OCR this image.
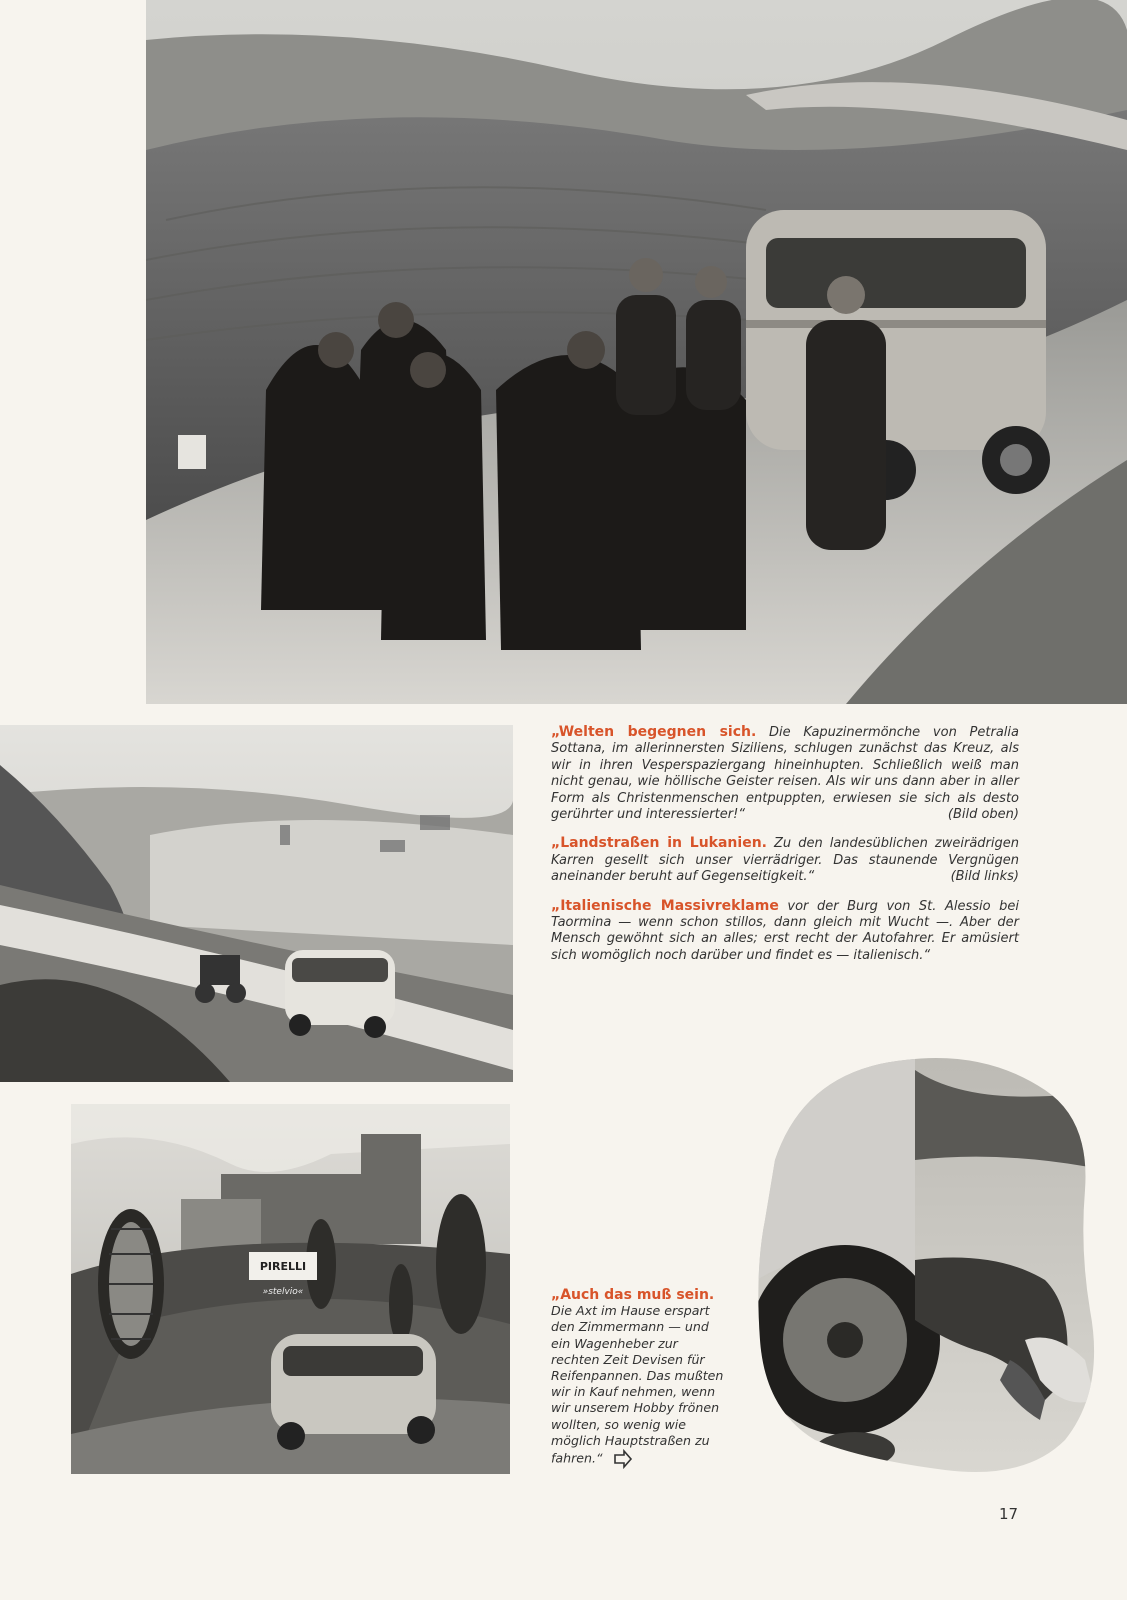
„Welten begegnen sich. Die Kapuzinermönche von Petralia Sottana, im allerinnersten Siziliens, schlugen zunächst das Kreuz, als wir in ihren Vesperspaziergang hineinhupten. Schließlich weiß man nicht genau, wie höllische Geister reisen. Als wir uns dann aber in aller Form als Christenmenschen entpuppten, erwiesen sie sich als desto gerührter und interessierter!“	(Bild oben)

„Landstraßen in Lukanien. Zu den landesüblichen zweirädrigen Karren gesellt sich unser vierrädriger. Das staunende Vergnügen aneinander beruht auf Gegenseitigkeit.“	(Bild links)

„Italienische Massivreklame vor der Burg von St. Alessio bei Taormina — wenn schon stillos, dann gleich mit Wucht —. Aber der Mensch gewöhnt sich an alles; erst recht der Autofahrer. Er amüsiert sich womöglich noch darüber und findet es — italienisch.“

PIRELLI
»stelvio«	„Auch das muß sein.
Die Axt im Hause erspart den Zimmermann — und ein Wagenheber zur rechten Zeit Devisen für Reifenpannen. Das mußten wir in Kauf nehmen, wenn wir unserem Hobby frönen wollten, so wenig wie möglich Hauptstraßen zu fahren.“
17
